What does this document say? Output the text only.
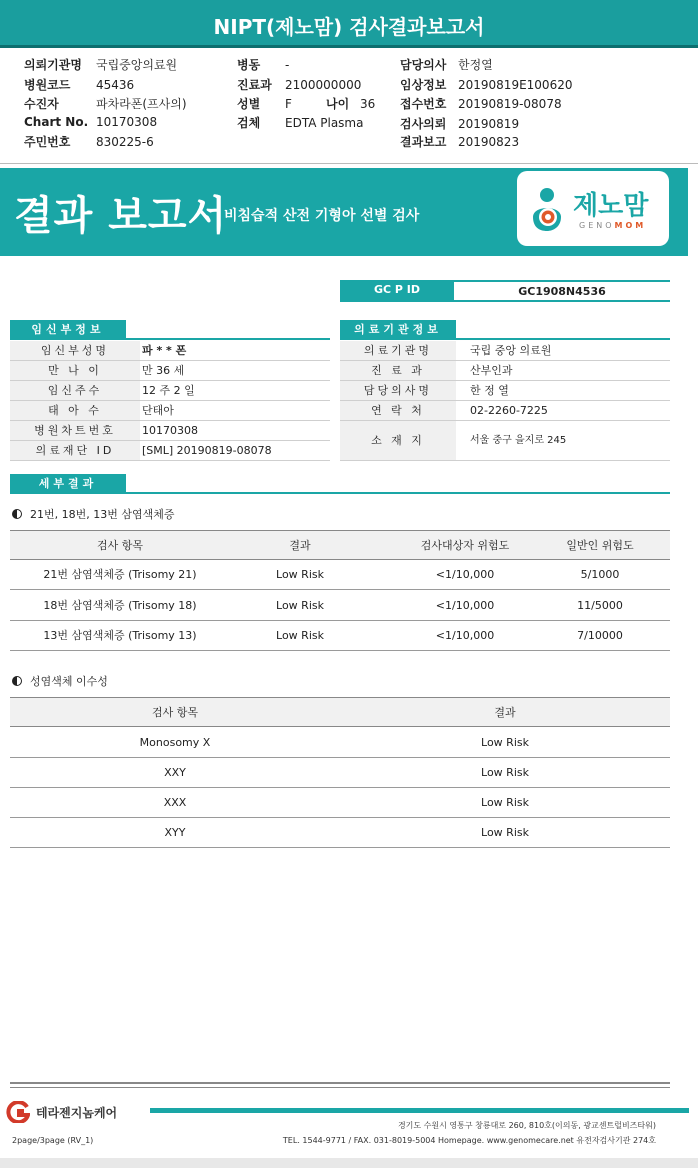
NIPT(제노맘) 검사결과보고서
의뢰기관명 국립중앙의료원
병원코드 45436
수진자	파차라폰(프사의)
Chart No. 10170308
주민번호 830225-6
병동 -
진료과 2100000000
성별 F	나이 36
검체 EDTA Plasma
담당의사 한정열
임상정보 20190819E100620
접수번호 20190819-08078
검사의뢰 20190819
결과보고 20190823
결과 보고서
비침습적 산전 기형아 선별 검사	제노맘
GENOMOM
GC P ID	GC1908N4536
임신부정보	의료기관정보
임신부성명	파 * * 폰
만 나 이	만 36 세
임신주수	12 주 2 일
태 아 수	단태아
병원차트번호	10170308
의료재단 ID	[SML] 20190819-08078
의료기관명	국립 중앙 의료원
진 료 과	산부인과
담당의사명	한 정 열
연 락 처	02-2260-7225
소 재 지	서울 중구 을지로 245
세부결과
21번, 18번, 13번 삼염색체증
검사 항목	결과	검사대상자 위험도	일반인 위험도
21번 삼염색체증 (Trisomy 21)	Low Risk	<1/10,000	5/1000
18번 삼염색체증 (Trisomy 18)	Low Risk	<1/10,000	11/5000
13번 삼염색체증 (Trisomy 13)	Low Risk	<1/10,000	7/10000
성염색체 이수성
검사 항목	결과
Monosomy X	Low Risk
XXY	Low Risk
XXX	Low Risk
XYY	Low Risk
테라젠지놈케어
경기도 수원시 영통구 창룡대로 260, 810호(이의동, 광교센트럴비즈타워)
TEL. 1544-9771 / FAX. 031-8019-5004 Homepage. www.genomecare.net 유전자검사기관 274호
2page/3page (RV_1)
